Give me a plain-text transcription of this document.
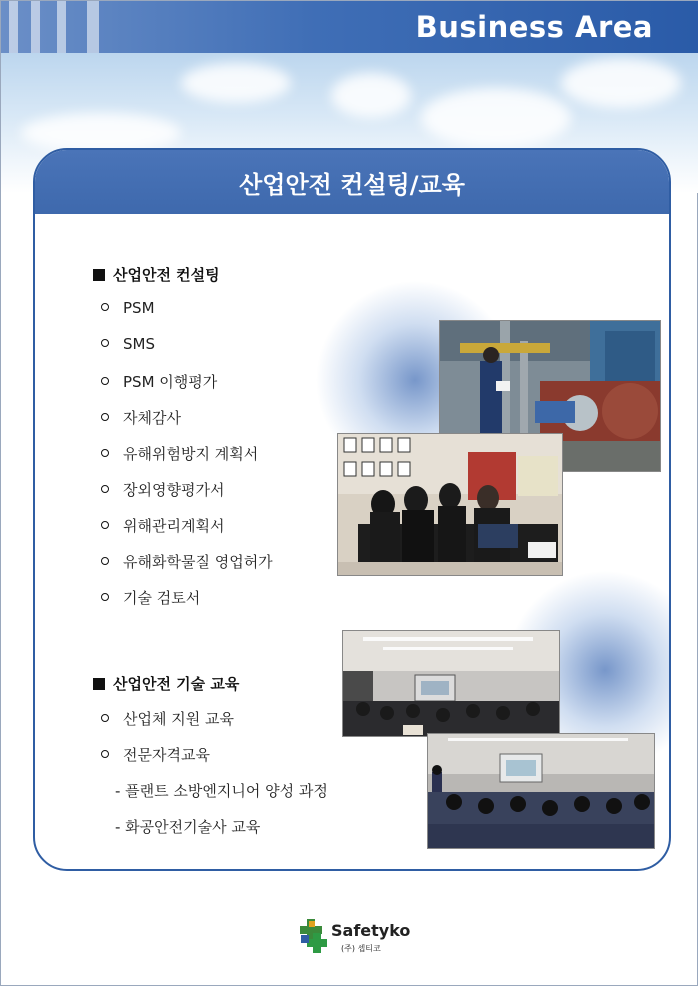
Business Area
산업안전 컨설팅/교육
산업안전 컨설팅
PSM
SMS
PSM 이행평가
자체감사
유해위험방지 계획서
장외영향평가서
위해관리계획서
유해화학물질 영업허가
기술 검토서
산업안전 기술 교육
산업체 지원 교육
전문자격교육
- 플랜트 소방엔지니어 양성 과정
- 화공안전기술사 교육
Safetyko
(주) 셉티코
